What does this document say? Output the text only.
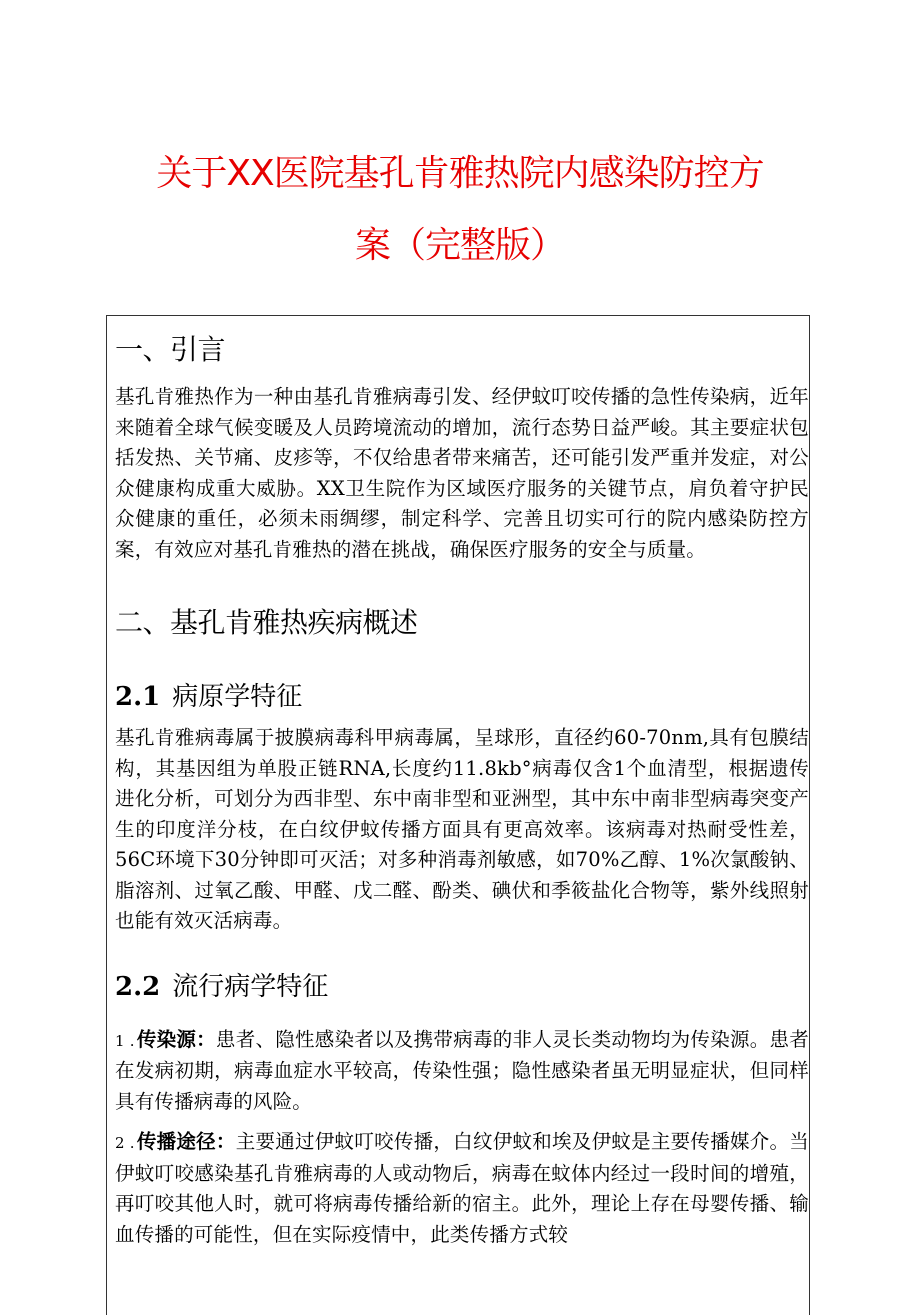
关于XX医院基孔肯雅热院内感染防控方
案（完整版）
一、引言

基孔肯雅热作为一种由基孔肯雅病毒引发、经伊蚊叮咬传播的急性传染病，近年来随着全球气候变暖及人员跨境流动的增加，流行态势日益严峻。其主要症状包括发热、关节痛、皮疹等，不仅给患者带来痛苦，还可能引发严重并发症，对公众健康构成重大威胁。XX卫生院作为区域医疗服务的关键节点，肩负着守护民众健康的重任，必须未雨绸缪，制定科学、完善且切实可行的院内感染防控方案，有效应对基孔肯雅热的潜在挑战，确保医疗服务的安全与质量。

二、基孔肯雅热疾病概述
2.1 病原学特征

基孔肯雅病毒属于披膜病毒科甲病毒属，呈球形，直径约60-70nm,具有包膜结构，其基因组为单股正链RNA,长度约11.8kb°病毒仅含1个血清型，根据遗传进化分析，可划分为西非型、东中南非型和亚洲型，其中东中南非型病毒突变产生的印度洋分枝，在白纹伊蚊传播方面具有更高效率。该病毒对热耐受性差，56C环境下30分钟即可灭活；对多种消毒剂敏感，如70%乙醇、1%次氯酸钠、脂溶剂、过氧乙酸、甲醛、戊二醛、酚类、碘伏和季筱盐化合物等，紫外线照射也能有效灭活病毒。

2.2 流行病学特征

1 . 传染源：患者、隐性感染者以及携带病毒的非人灵长类动物均为传染源。患者在发病初期，病毒血症水平较高，传染性强；隐性感染者虽无明显症状，但同样具有传播病毒的风险。

2 . 传播途径：主要通过伊蚊叮咬传播，白纹伊蚊和埃及伊蚊是主要传播媒介。当伊蚊叮咬感染基孔肯雅病毒的人或动物后，病毒在蚊体内经过一段时间的增殖，再叮咬其他人时，就可将病毒传播给新的宿主。此外，理论上存在母婴传播、输血传播的可能性，但在实际疫情中，此类传播方式较
